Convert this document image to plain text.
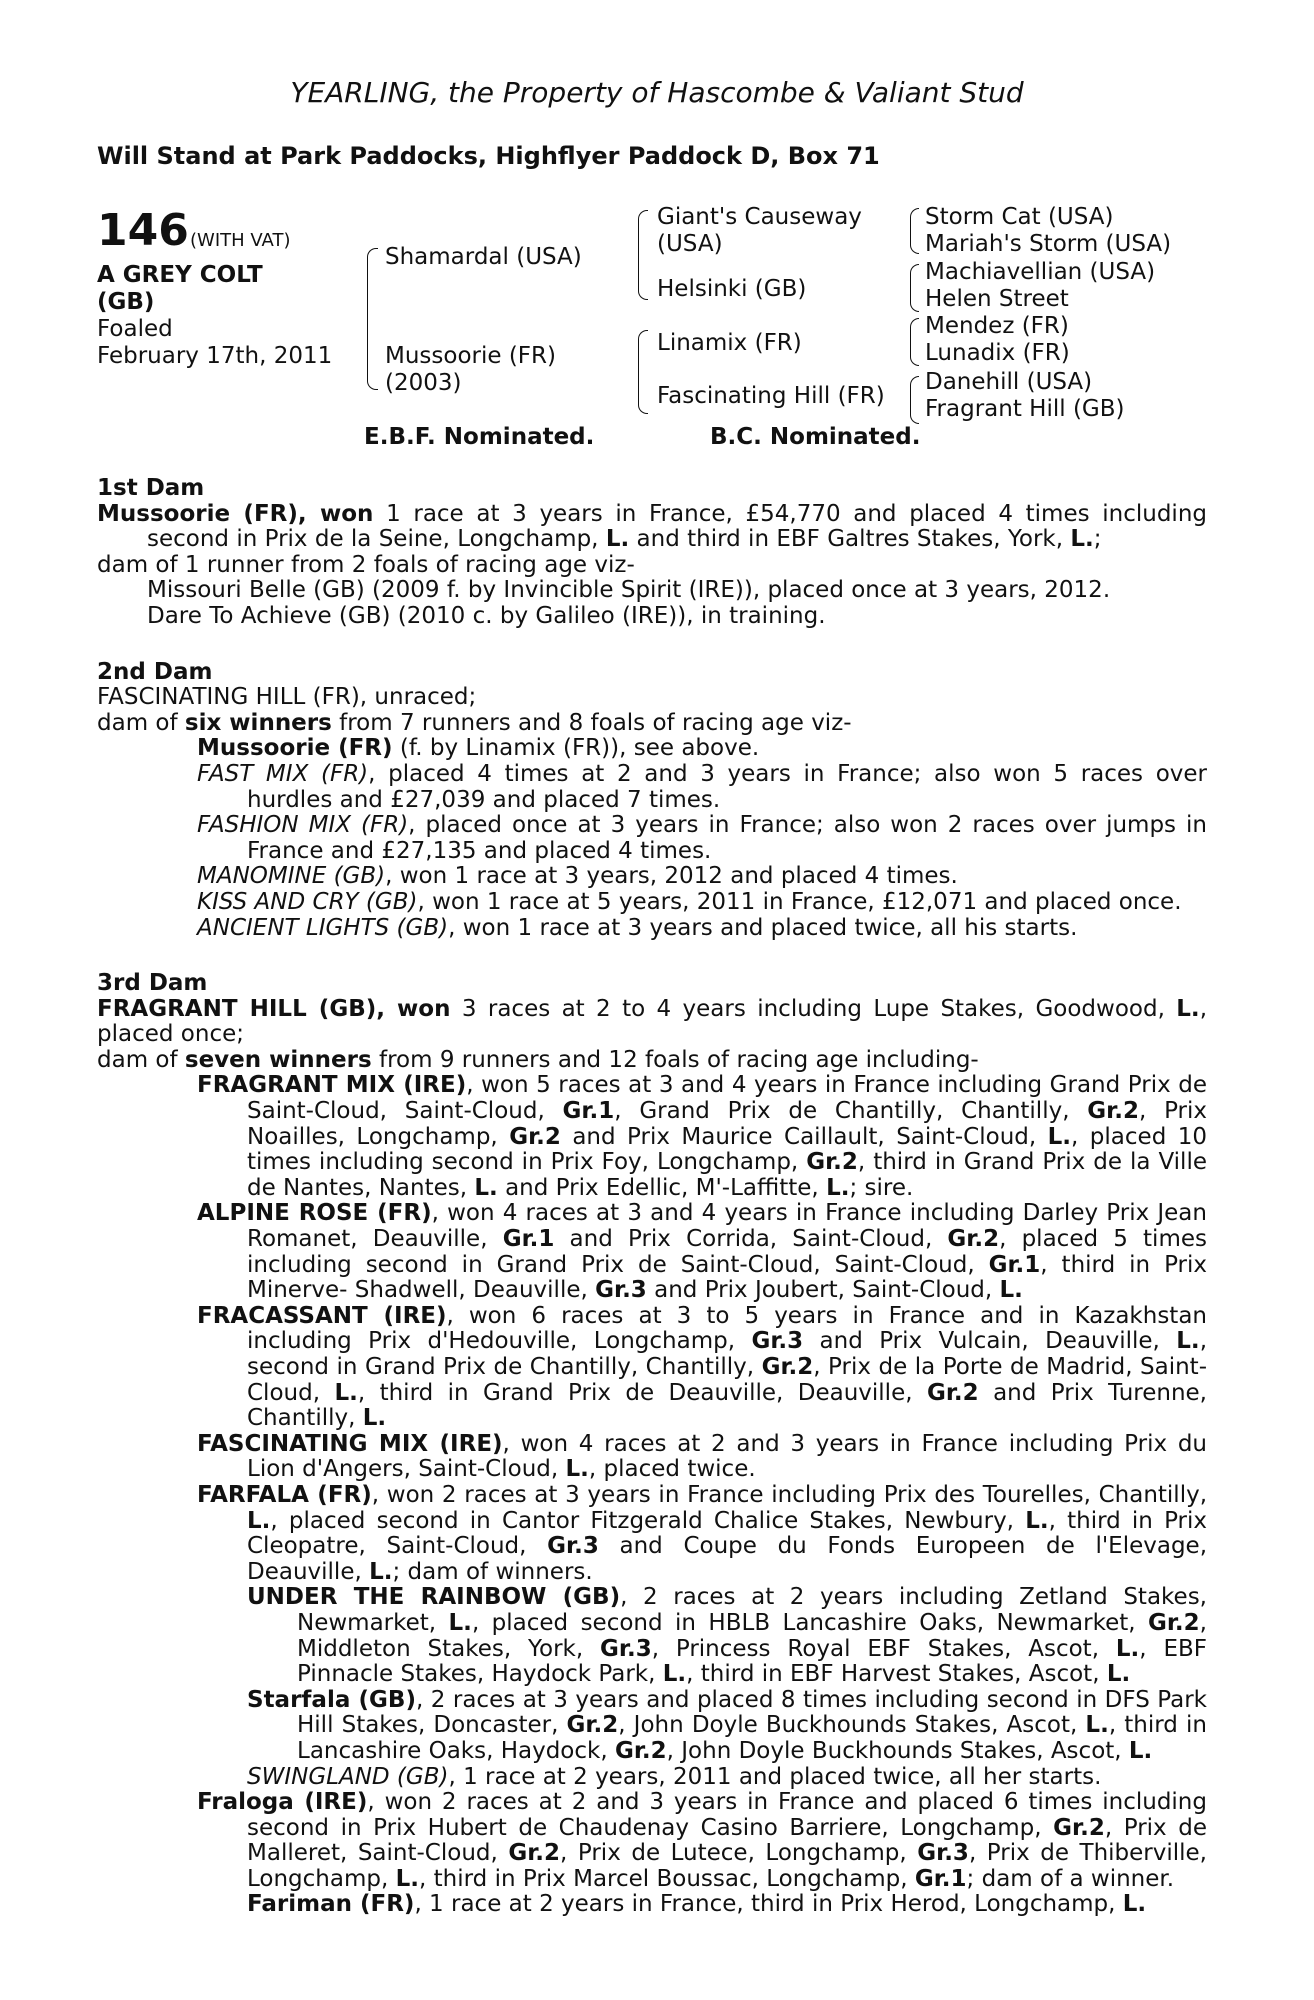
YEARLING, the Property of Hascombe & Valiant Stud
Will Stand at Park Paddocks, Highflyer Paddock D, Box 71
146 (WITH VAT)
A GREY COLT
(GB)
Foaled
February 17th, 2011
Shamardal (USA)
Mussoorie (FR)
(2003)
Giant's Causeway
(USA)
Helsinki (GB)
Linamix (FR)
Fascinating Hill (FR)
Storm Cat (USA)
Mariah's Storm (USA)
Machiavellian (USA)
Helen Street
Mendez (FR)
Lunadix (FR)
Danehill (USA)
Fragrant Hill (GB)
E.B.F. Nominated.	B.C. Nominated.
1st Dam
Mussoorie (FR), won 1 race at 3 years in France, £54,770 and placed 4 times including second in Prix de la Seine, Longchamp, L. and third in EBF Galtres Stakes, York, L.;
dam of 1 runner from 2 foals of racing age viz-
Missouri Belle (GB) (2009 f. by Invincible Spirit (IRE)), placed once at 3 years, 2012.
Dare To Achieve (GB) (2010 c. by Galileo (IRE)), in training.
2nd Dam
FASCINATING HILL (FR), unraced;
dam of six winners from 7 runners and 8 foals of racing age viz-
Mussoorie (FR) (f. by Linamix (FR)), see above.
FAST MIX (FR), placed 4 times at 2 and 3 years in France; also won 5 races over hurdles and £27,039 and placed 7 times.
FASHION MIX (FR), placed once at 3 years in France; also won 2 races over jumps in France and £27,135 and placed 4 times.
MANOMINE (GB), won 1 race at 3 years, 2012 and placed 4 times.
KISS AND CRY (GB), won 1 race at 5 years, 2011 in France, £12,071 and placed once.
ANCIENT LIGHTS (GB), won 1 race at 3 years and placed twice, all his starts.
3rd Dam
FRAGRANT HILL (GB), won 3 races at 2 to 4 years including Lupe Stakes, Goodwood, L., placed once;
dam of seven winners from 9 runners and 12 foals of racing age including-
FRAGRANT MIX (IRE), won 5 races at 3 and 4 years in France including Grand Prix de Saint-Cloud, Saint-Cloud, Gr.1, Grand Prix de Chantilly, Chantilly, Gr.2, Prix Noailles, Longchamp, Gr.2 and Prix Maurice Caillault, Saint-Cloud, L., placed 10 times including second in Prix Foy, Longchamp, Gr.2, third in Grand Prix de la Ville de Nantes, Nantes, L. and Prix Edellic, M'-Laffitte, L.; sire.
ALPINE ROSE (FR), won 4 races at 3 and 4 years in France including Darley Prix Jean Romanet, Deauville, Gr.1 and Prix Corrida, Saint-Cloud, Gr.2, placed 5 times including second in Grand Prix de Saint-Cloud, Saint-Cloud, Gr.1, third in Prix Minerve- Shadwell, Deauville, Gr.3 and Prix Joubert, Saint-Cloud, L.
FRACASSANT (IRE), won 6 races at 3 to 5 years in France and in Kazakhstan including Prix d'Hedouville, Longchamp, Gr.3 and Prix Vulcain, Deauville, L., second in Grand Prix de Chantilly, Chantilly, Gr.2, Prix de la Porte de Madrid, Saint-Cloud, L., third in Grand Prix de Deauville, Deauville, Gr.2 and Prix Turenne, Chantilly, L.
FASCINATING MIX (IRE), won 4 races at 2 and 3 years in France including Prix du Lion d'Angers, Saint-Cloud, L., placed twice.
FARFALA (FR), won 2 races at 3 years in France including Prix des Tourelles, Chantilly, L., placed second in Cantor Fitzgerald Chalice Stakes, Newbury, L., third in Prix Cleopatre, Saint-Cloud, Gr.3 and Coupe du Fonds Europeen de l'Elevage, Deauville, L.; dam of winners.
UNDER THE RAINBOW (GB), 2 races at 2 years including Zetland Stakes, Newmarket, L., placed second in HBLB Lancashire Oaks, Newmarket, Gr.2, Middleton Stakes, York, Gr.3, Princess Royal EBF Stakes, Ascot, L., EBF Pinnacle Stakes, Haydock Park, L., third in EBF Harvest Stakes, Ascot, L.
Starfala (GB), 2 races at 3 years and placed 8 times including second in DFS Park Hill Stakes, Doncaster, Gr.2, John Doyle Buckhounds Stakes, Ascot, L., third in Lancashire Oaks, Haydock, Gr.2, John Doyle Buckhounds Stakes, Ascot, L.
SWINGLAND (GB), 1 race at 2 years, 2011 and placed twice, all her starts.
Fraloga (IRE), won 2 races at 2 and 3 years in France and placed 6 times including second in Prix Hubert de Chaudenay Casino Barriere, Longchamp, Gr.2, Prix de Malleret, Saint-Cloud, Gr.2, Prix de Lutece, Longchamp, Gr.3, Prix de Thiberville, Longchamp, L., third in Prix Marcel Boussac, Longchamp, Gr.1; dam of a winner.
Fariman (FR), 1 race at 2 years in France, third in Prix Herod, Longchamp, L.
